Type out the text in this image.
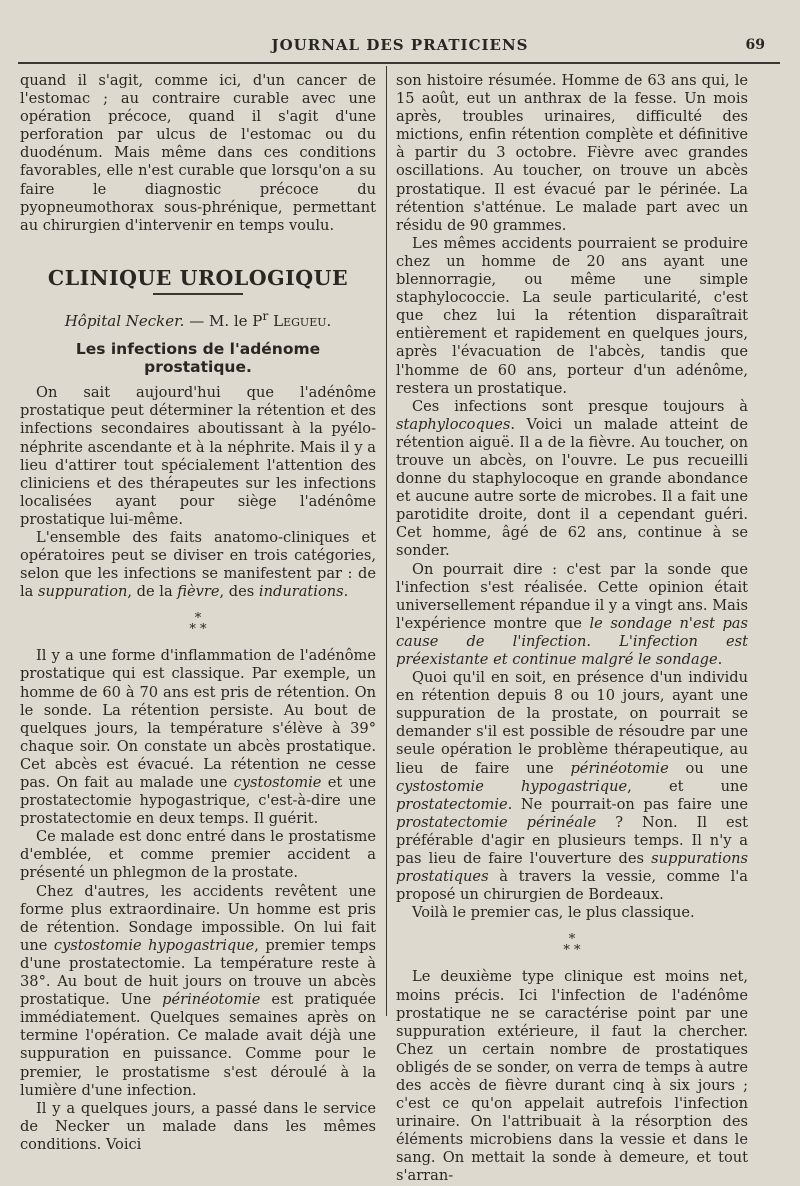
JOURNAL DES PRATICIENS	69

quand il s'agit, comme ici, d'un cancer de l'estomac ; au contraire curable avec une opération précoce, quand il s'agit d'une perforation par ulcus de l'estomac ou du duodénum. Mais même dans ces conditions favorables, elle n'est curable que lorsqu'on a su faire le diagnostic précoce du pyopneumothorax sous-phrénique, permettant au chirurgien d'intervenir en temps voulu.

CLINIQUE UROLOGIQUE
Hôpital Necker. — M. le $P^r$ Legueu.
Les infections de l'adénome prostatique.

On sait aujourd'hui que l'adénôme prostatique peut déterminer la rétention et des infections secondaires aboutissant à la pyélo-néphrite ascendante et à la néphrite. Mais il y a lieu d'attirer tout spécialement l'attention des cliniciens et des thérapeutes sur les infections localisées ayant pour siège l'adénôme prostatique lui-même.

L'ensemble des faits anatomo-cliniques et opératoires peut se diviser en trois catégories, selon que les infections se manifestent par : de la suppuration, de la fièvre, des indurations.

*
* *

Il y a une forme d'inflammation de l'adénôme prostatique qui est classique. Par exemple, un homme de 60 à 70 ans est pris de rétention. On le sonde. La rétention persiste. Au bout de quelques jours, la température s'élève à 39° chaque soir. On constate un abcès prostatique. Cet abcès est évacué. La rétention ne cesse pas. On fait au malade une cystostomie et une prostatectomie hypogastrique, c'est-à-dire une prostatectomie en deux temps. Il guérit.

Ce malade est donc entré dans le prostatisme d'emblée, et comme premier accident a présenté un phlegmon de la prostate.

Chez d'autres, les accidents revêtent une forme plus extraordinaire. Un homme est pris de rétention. Sondage impossible. On lui fait une cystostomie hypogastrique, premier temps d'une prostatectomie. La température reste à 38°. Au bout de huit jours on trouve un abcès prostatique. Une périnéotomie est pratiquée immédiatement. Quelques semaines après on termine l'opération. Ce malade avait déjà une suppuration en puissance. Comme pour le premier, le prostatisme s'est déroulé à la lumière d'une infection.

Il y a quelques jours, a passé dans le service de Necker un malade dans les mêmes conditions. Voici

son histoire résumée. Homme de 63 ans qui, le 15 août, eut un anthrax de la fesse. Un mois après, troubles urinaires, difficulté des mictions, enfin rétention complète et définitive à partir du 3 octobre. Fièvre avec grandes oscillations. Au toucher, on trouve un abcès prostatique. Il est évacué par le périnée. La rétention s'atténue. Le malade part avec un résidu de 90 grammes.

Les mêmes accidents pourraient se produire chez un homme de 20 ans ayant une blennorragie, ou même une simple staphylococcie. La seule particularité, c'est que chez lui la rétention disparaîtrait entièrement et rapidement en quelques jours, après l'évacuation de l'abcès, tandis que l'homme de 60 ans, porteur d'un adénôme, restera un prostatique.

Ces infections sont presque toujours à staphylocoques. Voici un malade atteint de rétention aiguë. Il a de la fièvre. Au toucher, on trouve un abcès, on l'ouvre. Le pus recueilli donne du staphylocoque en grande abondance et aucune autre sorte de microbes. Il a fait une parotidite droite, dont il a cependant guéri. Cet homme, âgé de 62 ans, continue à se sonder.

On pourrait dire : c'est par la sonde que l'infection s'est réalisée. Cette opinion était universellement répandue il y a vingt ans. Mais l'expérience montre que le sondage n'est pas cause de l'infection. L'infection est préexistante et continue malgré le sondage.

Quoi qu'il en soit, en présence d'un individu en rétention depuis 8 ou 10 jours, ayant une suppuration de la prostate, on pourrait se demander s'il est possible de résoudre par une seule opération le problème thérapeutique, au lieu de faire une périnéotomie ou une cystostomie hypogastrique, et une prostatectomie. Ne pourrait-on pas faire une prostatectomie périnéale ? Non. Il est préférable d'agir en plusieurs temps. Il n'y a pas lieu de faire l'ouverture des suppurations prostatiques à travers la vessie, comme l'a proposé un chirurgien de Bordeaux.

Voilà le premier cas, le plus classique.

*
* *

Le deuxième type clinique est moins net, moins précis. Ici l'infection de l'adénôme prostatique ne se caractérise point par une suppuration extérieure, il faut la chercher. Chez un certain nombre de prostatiques obligés de se sonder, on verra de temps à autre des accès de fièvre durant cinq à six jours ; c'est ce qu'on appelait autrefois l'infection urinaire. On l'attribuait à la résorption des éléments microbiens dans la vessie et dans le sang. On mettait la sonde à demeure, et tout s'arran-
